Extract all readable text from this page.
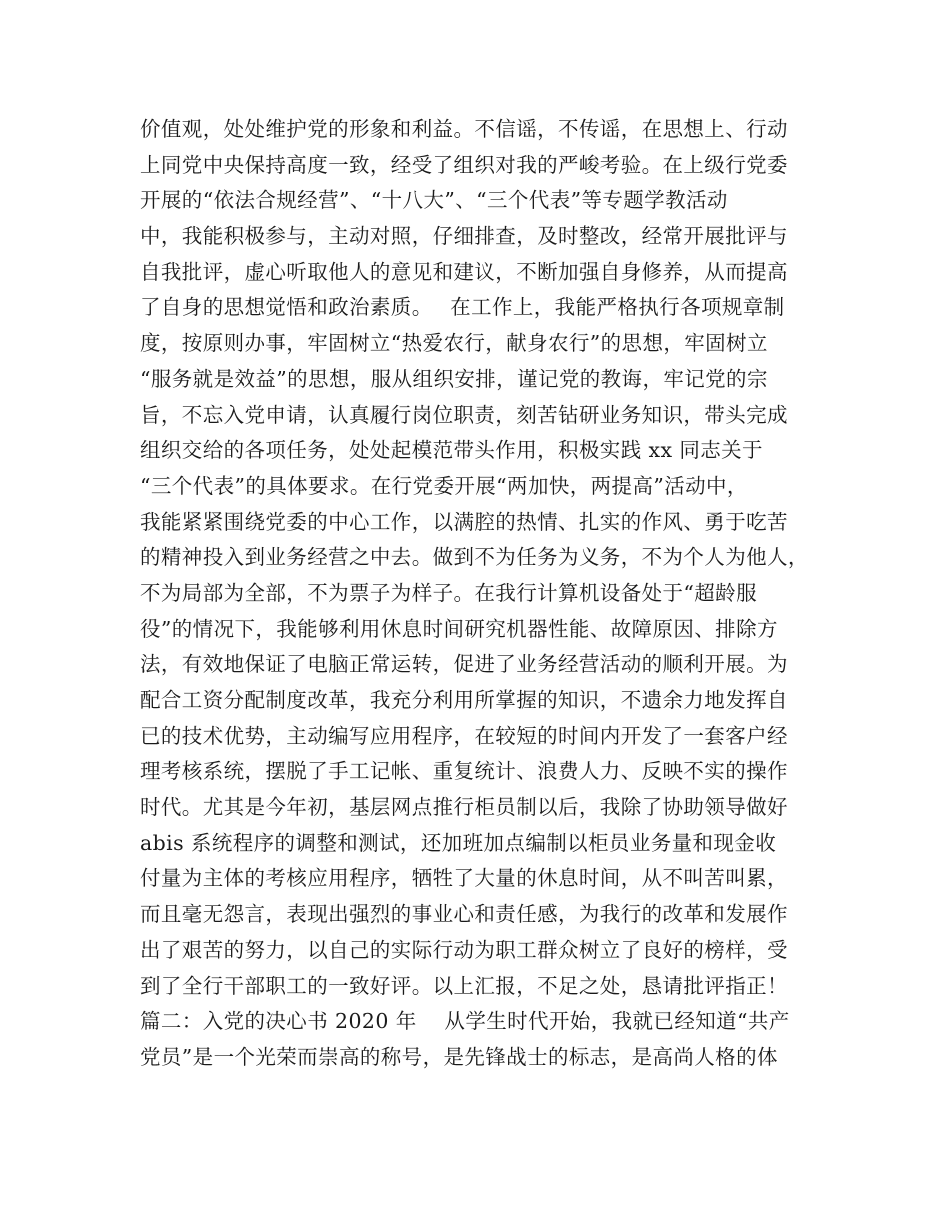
价值观，处处维护党的形象和利益。不信谣，不传谣，在思想上、行动
上同党中央保持高度一致，经受了组织对我的严峻考验。在上级行党委
开展的“依法合规经营”、“十八大”、“三个代表”等专题学教活动
中，我能积极参与，主动对照，仔细排查，及时整改，经常开展批评与
自我批评，虚心听取他人的意见和建议，不断加强自身修养，从而提高
了自身的思想觉悟和政治素质。　 在工作上，我能严格执行各项规章制
度，按原则办事，牢固树立“热爱农行，献身农行”的思想，牢固树立
“服务就是效益”的思想，服从组织安排，谨记党的教诲，牢记党的宗
旨，不忘入党申请，认真履行岗位职责，刻苦钻研业务知识，带头完成
组织交给的各项任务，处处起模范带头作用，积极实践 xx 同志关于
“三个代表”的具体要求。在行党委开展“两加快，两提高”活动中，
我能紧紧围绕党委的中心工作，以满腔的热情、扎实的作风、勇于吃苦
的精神投入到业务经营之中去。做到不为任务为义务，不为个人为他人，
不为局部为全部，不为票子为样子。在我行计算机设备处于“超龄服
役”的情况下，我能够利用休息时间研究机器性能、故障原因、排除方
法，有效地保证了电脑正常运转，促进了业务经营活动的顺利开展。为
配合工资分配制度改革，我充分利用所掌握的知识，不遗余力地发挥自
已的技术优势，主动编写应用程序，在较短的时间内开发了一套客户经
理考核系统，摆脱了手工记帐、重复统计、浪费人力、反映不实的操作
时代。尤其是今年初，基层网点推行柜员制以后，我除了协助领导做好
abis 系统程序的调整和测试，还加班加点编制以柜员业务量和现金收
付量为主体的考核应用程序，牺牲了大量的休息时间，从不叫苦叫累，
而且毫无怨言，表现出强烈的事业心和责任感，为我行的改革和发展作
出了艰苦的努力，以自己的实际行动为职工群众树立了良好的榜样，受
到了全行干部职工的一致好评。以上汇报，不足之处，恳请批评指正！
篇二：入党的决心书 2020 年　 从学生时代开始，我就已经知道“共产
党员”是一个光荣而崇高的称号，是先锋战士的标志，是高尚人格的体
